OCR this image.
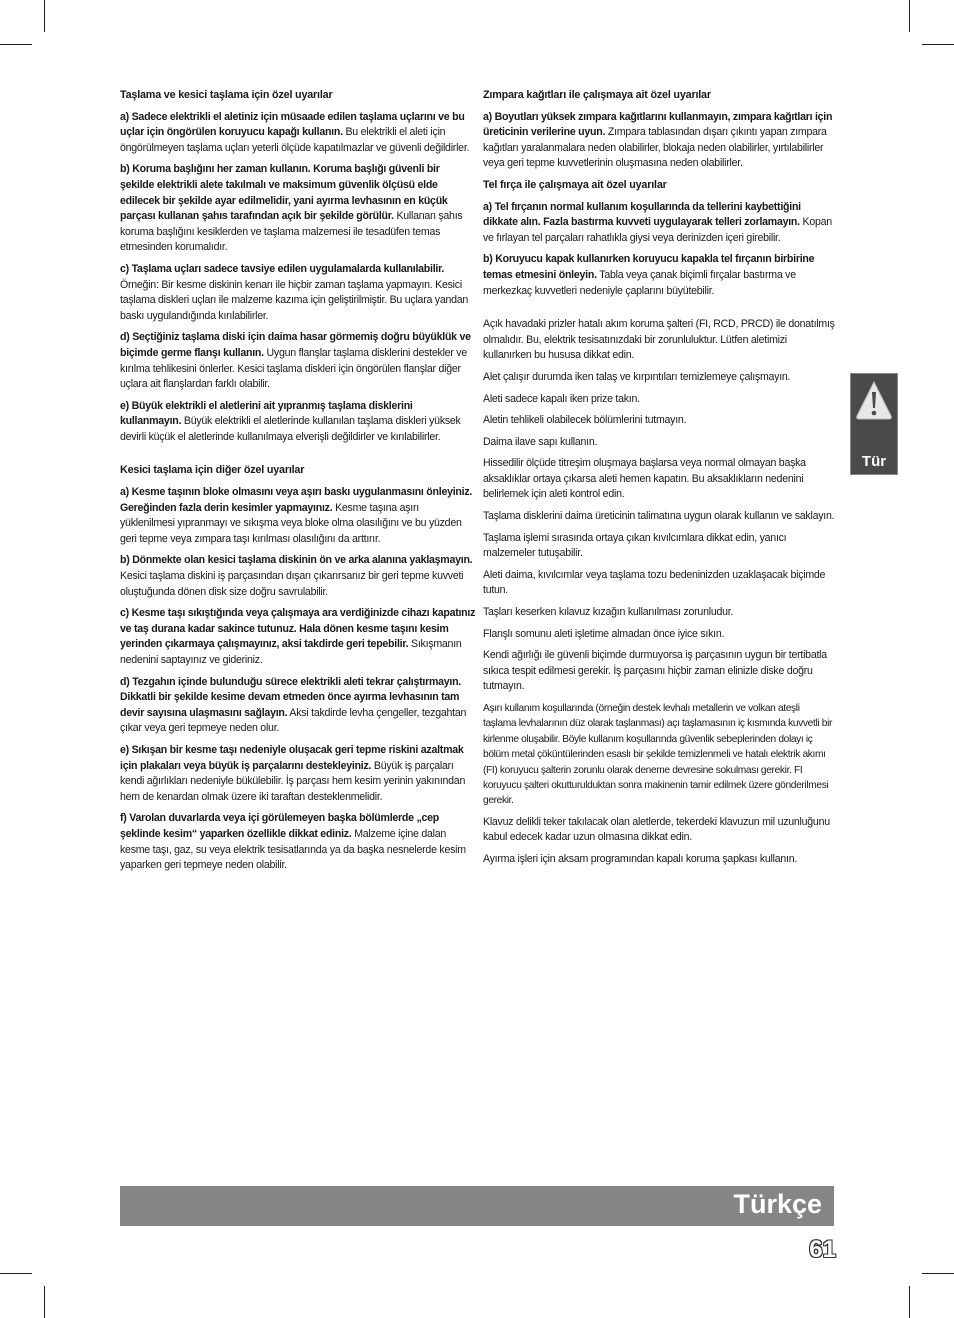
Taşlama ve kesici taşlama için özel uyarılar

a) Sadece elektrikli el aletiniz için müsaade edilen taşlama uçlarını ve bu uçlar için öngörülen koruyucu kapağı kullanın. Bu elektrikli el aleti için öngörülmeyen taşlama uçları yeterli ölçüde kapatılmazlar ve güvenli değildirler.

b) Koruma başlığını her zaman kullanın. Koruma başlığı güvenli bir şekilde elektrikli alete takılmalı ve maksimum güvenlik ölçüsü elde edilecek bir şekilde ayar edilmelidir, yani ayırma levhasının en küçük parçası kullanan şahıs tarafından açık bir şekilde görülür. Kullanan şahıs koruma başlığını kesiklerden ve taşlama malzemesi ile tesadüfen temas etmesinden korumalıdır.

c) Taşlama uçları sadece tavsiye edilen uygulamalarda kullanılabilir. Örneğin: Bir kesme diskinin kenarı ile hiçbir zaman taşlama yapmayın. Kesici taşlama diskleri uçları ile malzeme kazıma için geliştirilmiştir. Bu uçlara yandan baskı uygulandığında kırılabilirler.

d) Seçtiğiniz taşlama diski için daima hasar görmemiş doğru büyüklük ve biçimde germe flanşı kullanın. Uygun flanşlar taşlama disklerini destekler ve kırılma tehlikesini önlerler. Kesici taşlama diskleri için öngörülen flanşlar diğer uçlara ait flanşlardan farklı olabilir.

e) Büyük elektrikli el aletlerini ait yıpranmış taşlama disklerini kullanmayın. Büyük elektrikli el aletlerinde kullanılan taşlama diskleri yüksek devirli küçük el aletlerinde kullanılmaya elverişli değildirler ve kırılabilirler.

Kesici taşlama için diğer özel uyarılar

a) Kesme taşının bloke olmasını veya aşırı baskı uygulanmasını önleyiniz. Gereğinden fazla derin kesimler yapmayınız. Kesme taşına aşırı yüklenilmesi yıpranmayı ve sıkışma veya bloke olma olasılığını ve bu yüzden geri tepme veya zımpara taşı kırılması olasılığını da arttırır.

b) Dönmekte olan kesici taşlama diskinin ön ve arka alanına yaklaşmayın. Kesici taşlama diskini iş parçasından dışarı çıkarırsanız bir geri tepme kuvveti oluştuğunda dönen disk size doğru savrulabilir.

c) Kesme taşı sıkıştığında veya çalışmaya ara verdiğinizde cihazı kapatınız ve taş durana kadar sakince tutunuz. Hala dönen kesme taşını kesim yerinden çıkarmaya çalışmayınız, aksi takdirde geri tepebilir. Sıkışmanın nedenini saptayınız ve gideriniz.

d) Tezgahın içinde bulunduğu sürece elektrikli aleti tekrar çalıştırmayın. Dikkatli bir şekilde kesime devam etmeden önce ayırma levhasının tam devir sayısına ulaşmasını sağlayın. Aksi takdirde levha çengeller, tezgahtan çıkar veya geri tepmeye neden olur.

e) Sıkışan bir kesme taşı nedeniyle oluşacak geri tepme riskini azaltmak için plakaları veya büyük iş parçalarını destekleyiniz. Büyük iş parçaları kendi ağırlıkları nedeniyle bükülebilir. İş parçası hem kesim yerinin yakınından hem de kenardan olmak üzere iki taraftan desteklenmelidir.

f) Varolan duvarlarda veya içi görülemeyen başka bölümlerde „cep şeklinde kesim“ yaparken özellikle dikkat ediniz. Malzeme içine dalan kesme taşı, gaz, su veya elektrik tesisatlarında ya da başka nesnelerde kesim yaparken geri tepmeye neden olabilir.

Zımpara kağıtları ile çalışmaya ait özel uyarılar

a) Boyutları yüksek zımpara kağıtlarını kullanmayın, zımpara kağıtları için üreticinin verilerine uyun. Zımpara tablasından dışarı çıkıntı yapan zımpara kağıtları yaralanmalara neden olabilirler, blokaja neden olabilirler, yırtılabilirler veya geri tepme kuvvetlerinin oluşmasına neden olabilirler.

Tel fırça ile çalışmaya ait özel uyarılar

a) Tel fırçanın normal kullanım koşullarında da tellerini kaybettiğini dikkate alın. Fazla bastırma kuvveti uygulayarak telleri zorlamayın. Kopan ve fırlayan tel parçaları rahatlıkla giysi veya derinizden içeri girebilir.

b) Koruyucu kapak kullanırken koruyucu kapakla tel fırçanın birbirine temas etmesini önleyin. Tabla veya çanak biçimli fırçalar bastırma ve merkezkaç kuvvetleri nedeniyle çaplarını büyütebilir.

Açık havadaki prizler hatalı akım koruma şalteri (FI, RCD, PRCD) ile donatılmış olmalıdır. Bu, elektrik tesisatınızdaki bir zorunluluktur. Lütfen aletimizi kullanırken bu hususa dikkat edin.

Alet çalışır durumda iken talaş ve kırpıntıları temizlemeye çalışmayın.

Aleti sadece kapalı iken prize takın.

Aletin tehlikeli olabilecek bölümlerini tutmayın.

Daima ilave sapı kullanın.

Hissedilir ölçüde titreşim oluşmaya başlarsa veya normal olmayan başka aksaklıklar ortaya çıkarsa aleti hemen kapatın. Bu aksaklıkların nedenini belirlemek için aleti kontrol edin.

Taşlama disklerini daima üreticinin talimatına uygun olarak kullanın ve saklayın.

Taşlama işlemi sırasında ortaya çıkan kıvılcımlara dikkat edin, yanıcı malzemeler tutuşabilir.

Aleti daima, kıvılcımlar veya taşlama tozu bedeninizden uzaklaşacak biçimde tutun.

Taşları keserken kılavuz kızağın kullanılması zorunludur.

Flanşlı somunu aleti işletime almadan önce iyice sıkın.

Kendi ağırlığı ile güvenli biçimde durmuyorsa iş parçasının uygun bir tertibatla sıkıca tespit edilmesi gerekir. İş parçasını hiçbir zaman elinizle diske doğru tutmayın.

Aşırı kullanım koşullarında (örneğin destek levhalı metallerin ve volkan ateşli taşlama levhalarının düz olarak taşlanması) açı taşlamasının iç kısmında kuvvetli bir kirlenme oluşabilir. Böyle kullanım koşullarında güvenlik sebeplerinden dolayı iç bölüm metal çöküntülerinden esaslı bir şekilde temizlenmeli ve hatalı elektrik akımı (FI) koruyucu şalterin zorunlu olarak deneme devresine sokulması gerekir. FI koruyucu şalteri okutturulduktan sonra makinenin tamir edilmek üzere gönderilmesi gerekir.

Klavuz delikli teker takılacak olan aletlerde, tekerdeki klavuzun mil uzunluğunu kabul edecek kadar uzun olmasına dikkat edin.

Ayırma işleri için aksam programından kapalı koruma şapkası kullanın.

Tür
Türkçe
61
